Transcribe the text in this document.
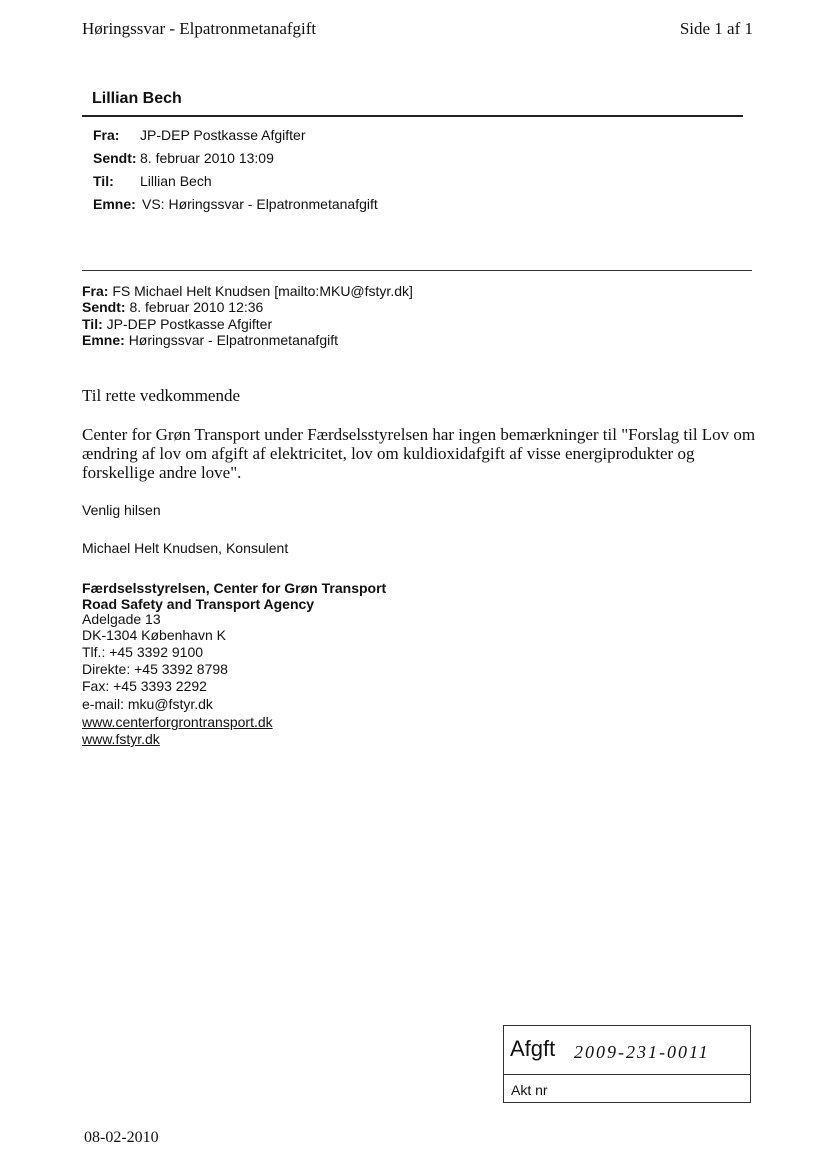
Høringssvar - Elpatronmetanafgift	Side 1 af 1
Lillian Bech
Fra: JP-DEP Postkasse Afgifter
Sendt: 8. februar 2010 13:09
Til: Lillian Bech
Emne: VS: Høringssvar - Elpatronmetanafgift
Fra: FS Michael Helt Knudsen [mailto:MKU@fstyr.dk]
Sendt: 8. februar 2010 12:36
Til: JP-DEP Postkasse Afgifter
Emne: Høringssvar - Elpatronmetanafgift
Til rette vedkommende
Center for Grøn Transport under Færdselsstyrelsen har ingen bemærkninger til "Forslag til Lov om ændring af lov om afgift af elektricitet, lov om kuldioxidafgift af visse energiprodukter og forskellige andre love".
Venlig hilsen
Michael Helt Knudsen, Konsulent
Færdselsstyrelsen, Center for Grøn Transport
Road Safety and Transport Agency
Adelgade 13
DK-1304 København K
Tlf.: +45 3392 9100
Direkte: +45 3392 8798
Fax: +45 3393 2292
e-mail: mku@fstyr.dk
www.centerforgrontransport.dk
www.fstyr.dk
Afgft 2009-231-0011
Akt nr
08-02-2010
